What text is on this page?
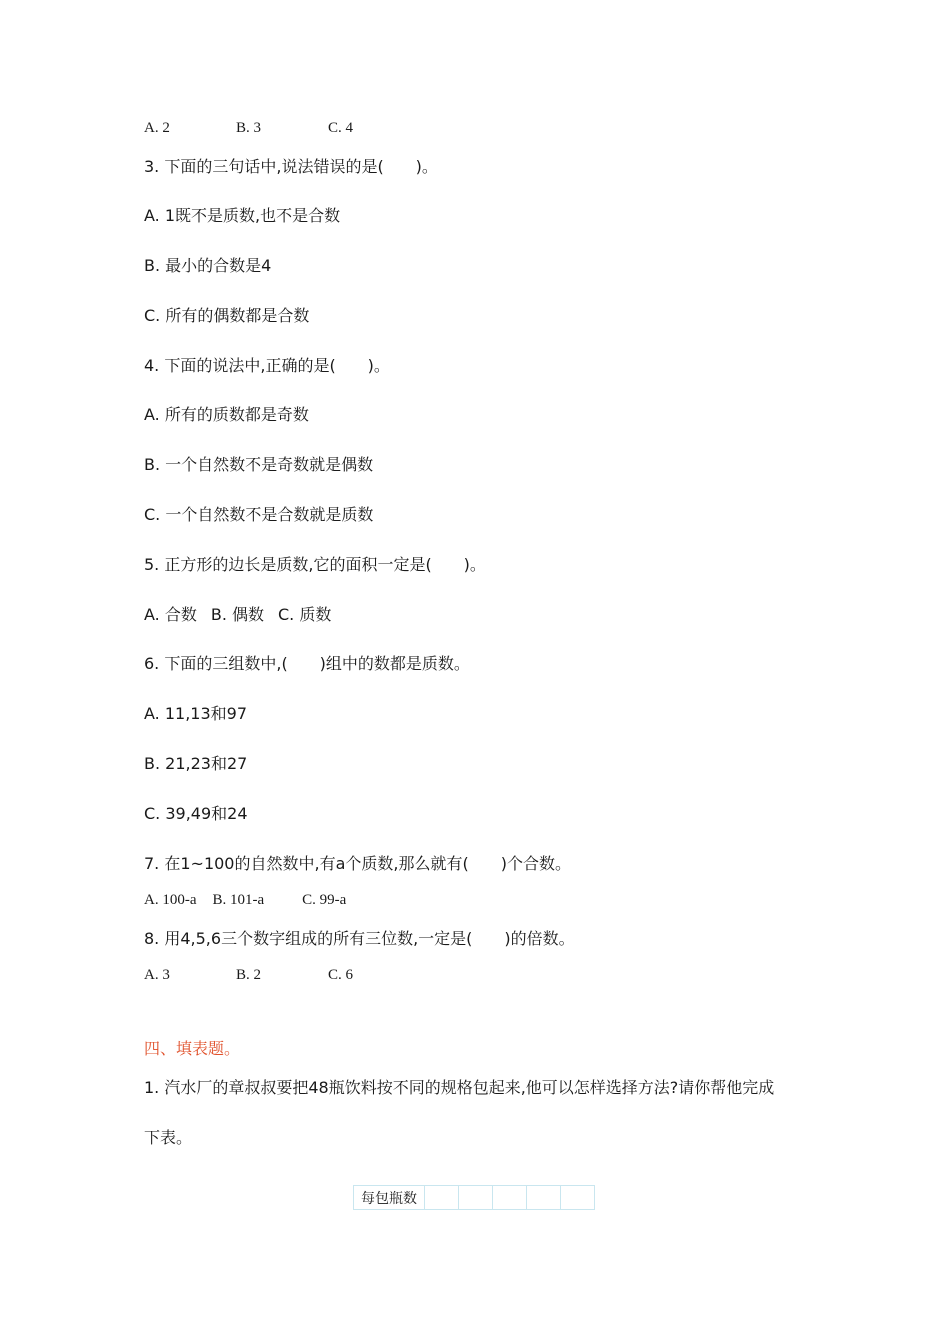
A. 2	B. 3	C. 4
3. 下面的三句话中,说法错误的是(　　)。
A. 1既不是质数,也不是合数
B. 最小的合数是4
C. 所有的偶数都是合数
4. 下面的说法中,正确的是(　　)。
A. 所有的质数都是奇数
B. 一个自然数不是奇数就是偶数
C. 一个自然数不是合数就是质数
5. 正方形的边长是质数,它的面积一定是(　　)。
A. 合数 B. 偶数 C. 质数
6. 下面的三组数中,(　　)组中的数都是质数。
A. 11,13和97
B. 21,23和27
C. 39,49和24
7. 在1~100的自然数中,有a个质数,那么就有(　　)个合数。
A. 100-a B. 101-a	C. 99-a
8. 用4,5,6三个数字组成的所有三位数,一定是(　　)的倍数。
A. 3	B. 2	C. 6
四、填表题。
1. 汽水厂的章叔叔要把48瓶饮料按不同的规格包起来,他可以怎样选择方法?请你帮他完成
下表。
每包瓶数					
